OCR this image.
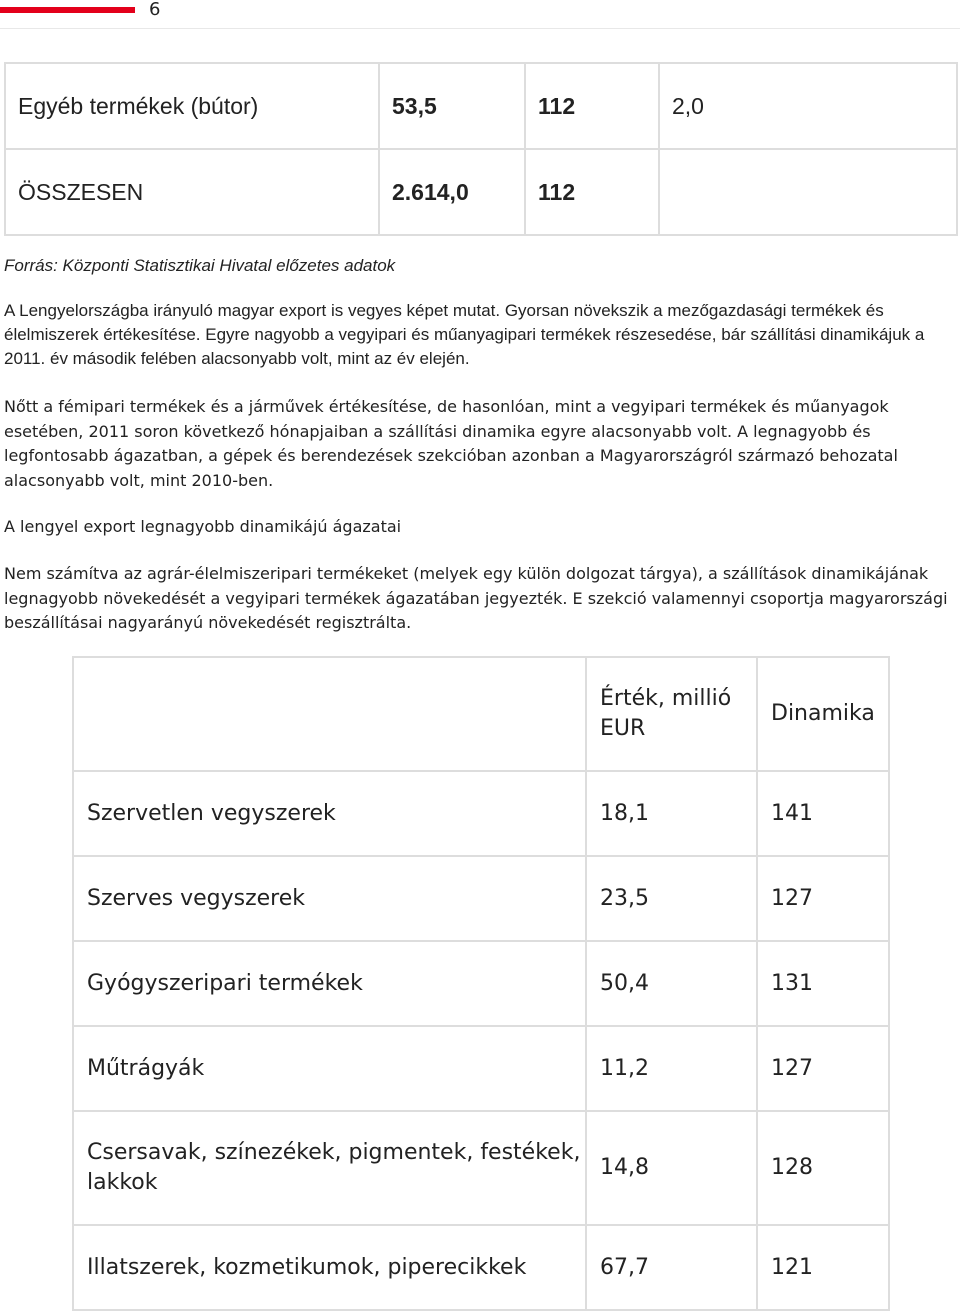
6
Egyéb termékek (bútor)	53,5	112	2,0
ÖSSZESEN	2.614,0	112	

Forrás: Központi Statisztikai Hivatal előzetes adatok

A Lengyelországba irányuló magyar export is vegyes képet mutat. Gyorsan növekszik a mezőgazdasági termékek és élelmiszerek értékesítése. Egyre nagyobb a vegyipari és műanyagipari termékek részesedése, bár szállítási dinamikájuk a 2011. év második felében alacsonyabb volt, mint az év elején.

Nőtt a fémipari termékek és a járművek értékesítése, de hasonlóan, mint a vegyipari termékek és műanyagok esetében, 2011 soron következő hónapjaiban a szállítási dinamika egyre alacsonyabb volt. A legnagyobb és legfontosabb ágazatban, a gépek és berendezések szekcióban azonban a Magyarországról származó behozatal alacsonyabb volt, mint 2010-ben.

A lengyel export legnagyobb dinamikájú ágazatai

Nem számítva az agrár-élelmiszeripari termékeket (melyek egy külön dolgozat tárgya), a szállítások dinamikájának legnagyobb növekedését a vegyipari termékek ágazatában jegyezték. E szekció valamennyi csoportja magyarországi beszállításai nagyarányú növekedését regisztrálta.

	Érték, millió EUR	Dinamika
Szervetlen vegyszerek	18,1	141
Szerves vegyszerek	23,5	127
Gyógyszeripari termékek	50,4	131
Műtrágyák	11,2	127
Csersavak, színezékek, pigmentek, festékek, lakkok	14,8	128
Illatszerek, kozmetikumok, piperecikkek	67,7	121
